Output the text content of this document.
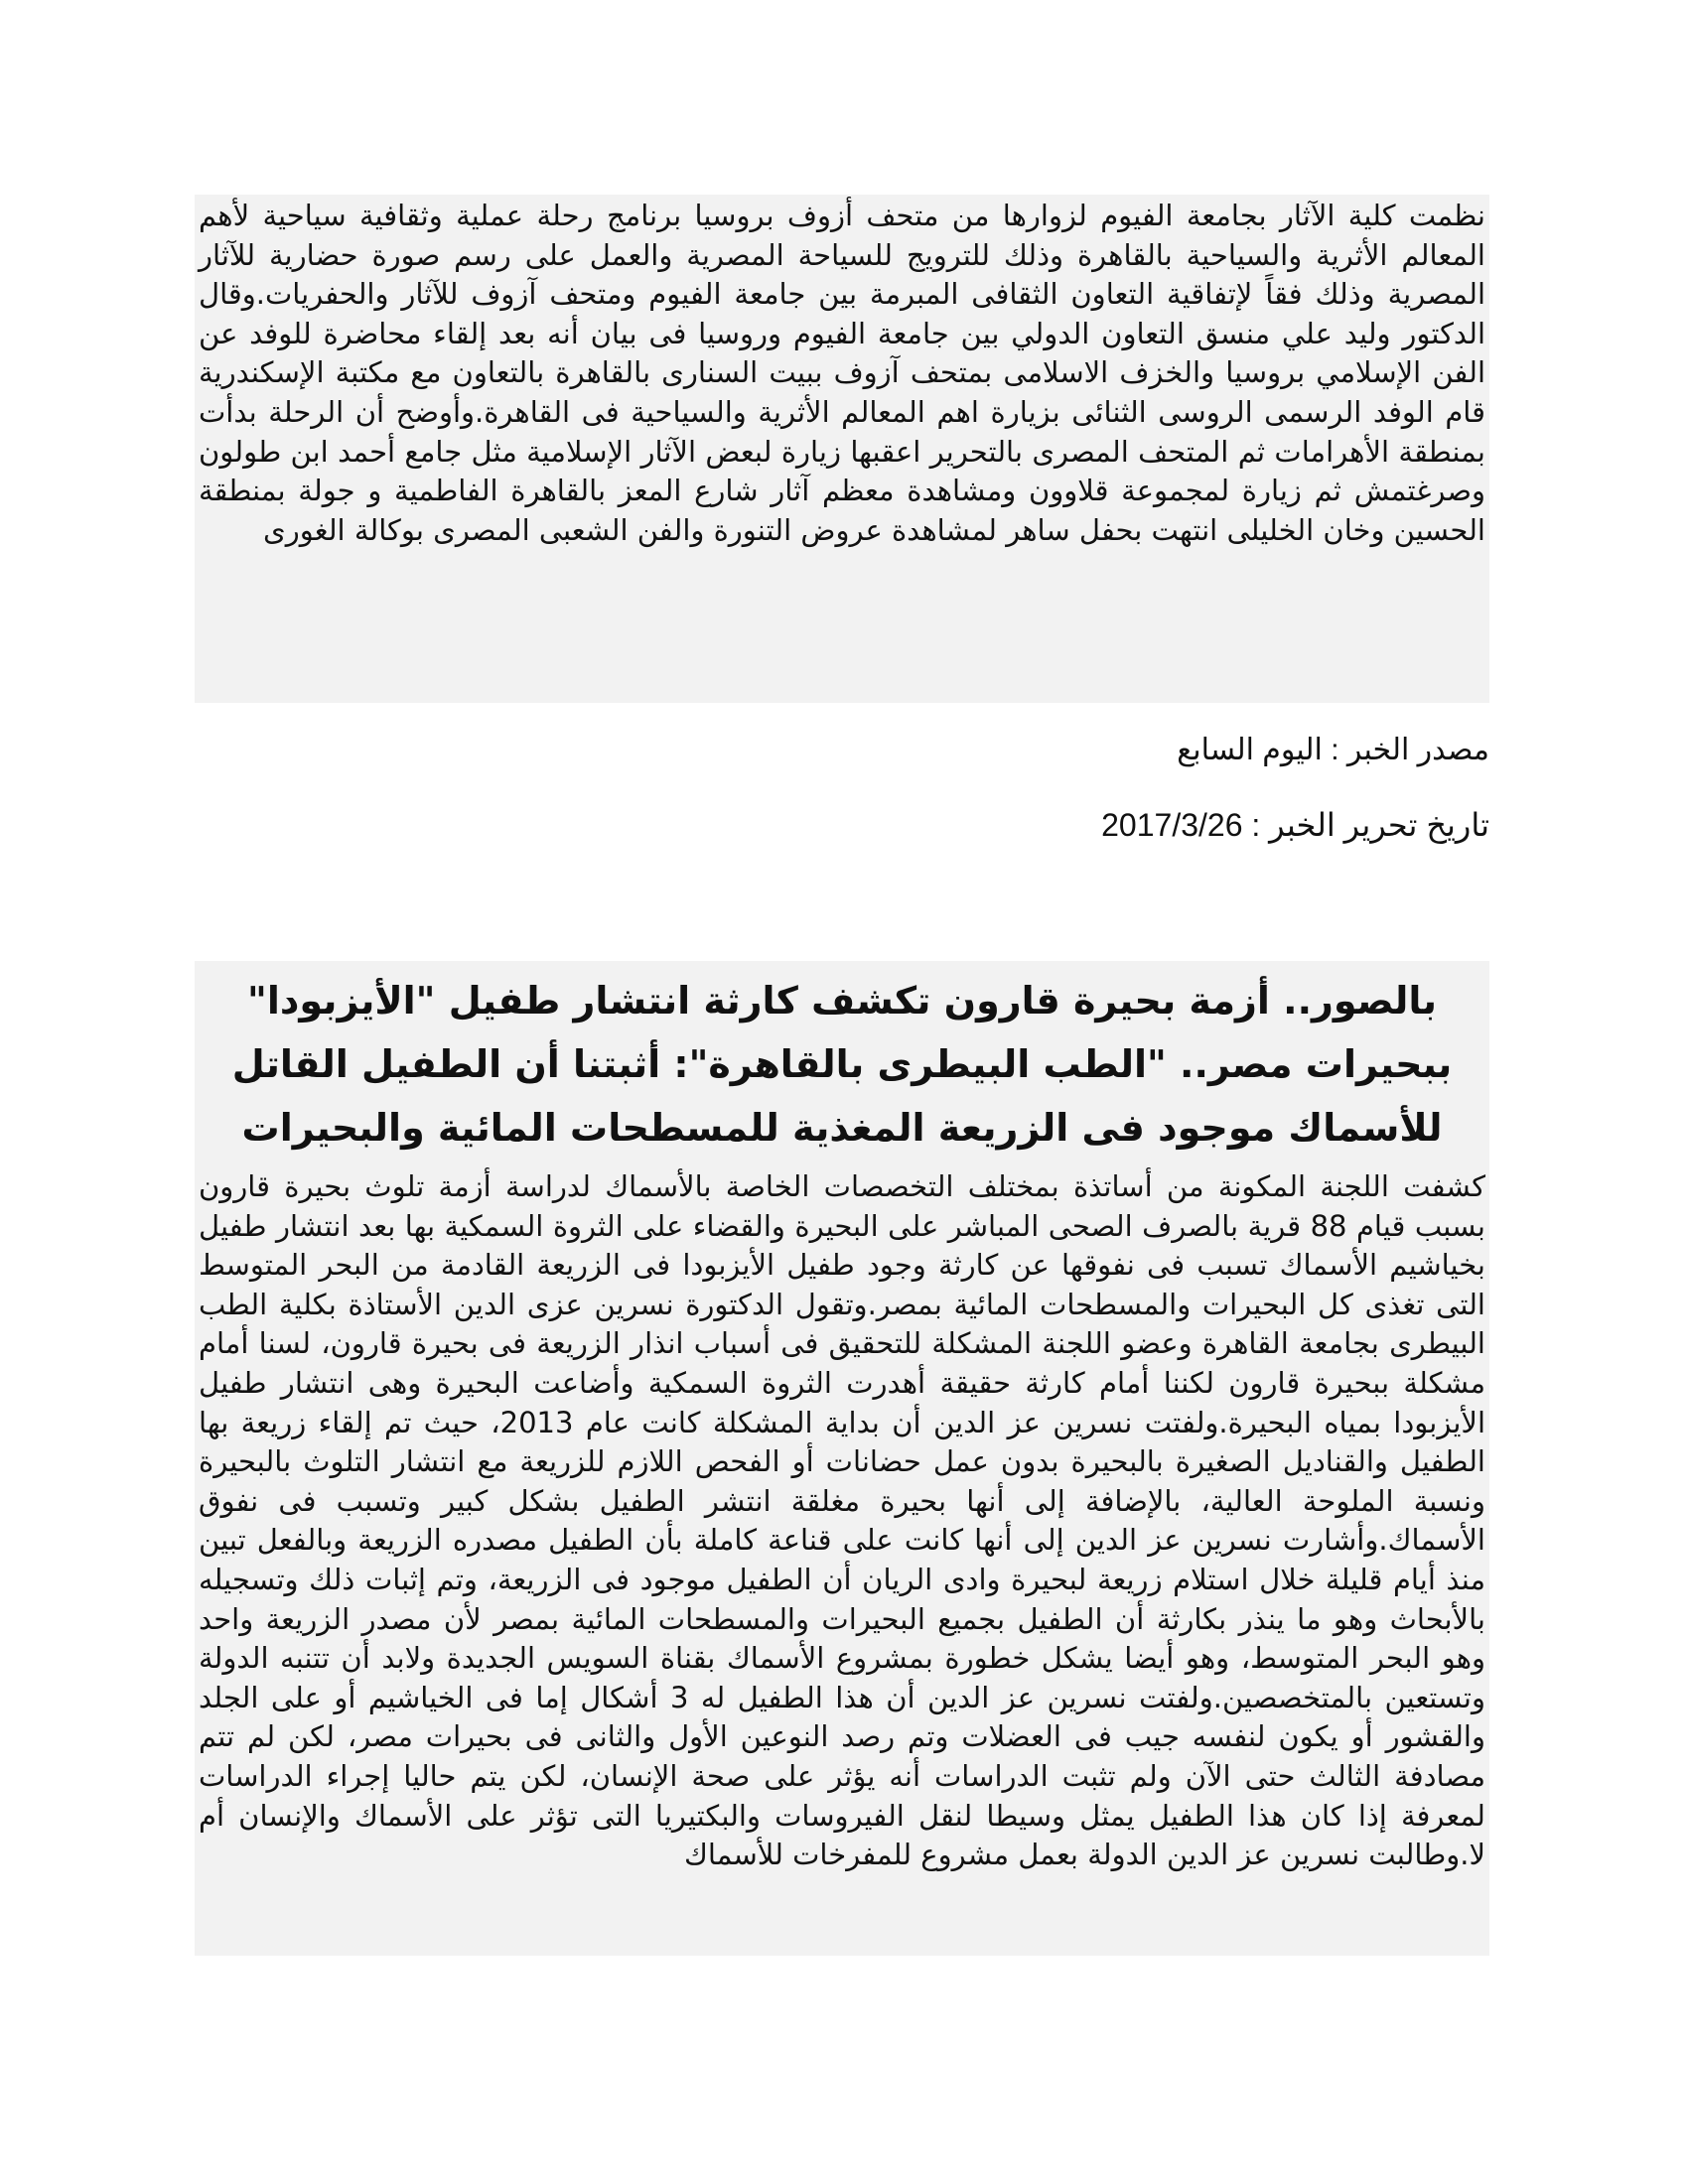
نظمت كلية الآثار بجامعة الفيوم لزوارها من متحف أزوف بروسيا برنامج رحلة عملية وثقافية سياحية لأهم المعالم الأثرية والسياحية بالقاهرة وذلك للترويج للسياحة المصرية والعمل على رسم صورة حضارية للآثار المصرية وذلك فقاً لإتفاقية التعاون الثقافى المبرمة بين جامعة الفيوم ومتحف آزوف للآثار والحفريات.وقال الدكتور وليد علي منسق التعاون الدولي بين جامعة الفيوم وروسيا فى بيان أنه بعد إلقاء محاضرة للوفد عن الفن الإسلامي بروسيا والخزف الاسلامى بمتحف آزوف ببيت السنارى بالقاهرة بالتعاون مع مكتبة الإسكندرية قام الوفد الرسمى الروسى الثنائى بزيارة اهم المعالم الأثرية والسياحية فى القاهرة.وأوضح أن الرحلة بدأت بمنطقة الأهرامات ثم المتحف المصرى بالتحرير اعقبها زيارة لبعض الآثار الإسلامية مثل جامع أحمد ابن طولون وصرغتمش ثم زيارة لمجموعة قلاوون ومشاهدة معظم آثار شارع المعز بالقاهرة الفاطمية و جولة بمنطقة الحسين وخان الخليلى انتهت بحفل ساهر لمشاهدة عروض التنورة والفن الشعبى المصرى بوكالة الغورى

مصدر الخبر : اليوم السابع
تاريخ تحرير الخبر : 2017/3/26
بالصور.. أزمة بحيرة قارون تكشف كارثة انتشار طفيل "الأيزبودا" ببحيرات مصر.. "الطب البيطرى بالقاهرة": أثبتنا أن الطفيل القاتل للأسماك موجود فى الزريعة المغذية للمسطحات المائية والبحيرات

كشفت اللجنة المكونة من أساتذة بمختلف التخصصات الخاصة بالأسماك لدراسة أزمة تلوث بحيرة قارون بسبب قيام 88 قرية بالصرف الصحى المباشر على البحيرة والقضاء على الثروة السمكية بها بعد انتشار طفيل بخياشيم الأسماك تسبب فى نفوقها عن كارثة وجود طفيل الأيزبودا فى الزريعة القادمة من البحر المتوسط التى تغذى كل البحيرات والمسطحات المائية بمصر.وتقول الدكتورة نسرين عزى الدين الأستاذة بكلية الطب البيطرى بجامعة القاهرة وعضو اللجنة المشكلة للتحقيق فى أسباب انذار الزريعة فى بحيرة قارون، لسنا أمام مشكلة ببحيرة قارون لكننا أمام كارثة حقيقة أهدرت الثروة السمكية وأضاعت البحيرة وهى انتشار طفيل الأيزبودا بمياه البحيرة.ولفتت نسرين عز الدين أن بداية المشكلة كانت عام 2013، حيث تم إلقاء زريعة بها الطفيل والقناديل الصغيرة بالبحيرة بدون عمل حضانات أو الفحص اللازم للزريعة مع انتشار التلوث بالبحيرة ونسبة الملوحة العالية، بالإضافة إلى أنها بحيرة مغلقة انتشر الطفيل بشكل كبير وتسبب فى نفوق الأسماك.وأشارت نسرين عز الدين إلى أنها كانت على قناعة كاملة بأن الطفيل مصدره الزريعة وبالفعل تبين منذ أيام قليلة خلال استلام زريعة لبحيرة وادى الريان أن الطفيل موجود فى الزريعة، وتم إثبات ذلك وتسجيله بالأبحاث وهو ما ينذر بكارثة أن الطفيل بجميع البحيرات والمسطحات المائية بمصر لأن مصدر الزريعة واحد وهو البحر المتوسط، وهو أيضا يشكل خطورة بمشروع الأسماك بقناة السويس الجديدة ولابد أن تتنبه الدولة وتستعين بالمتخصصين.ولفتت نسرين عز الدين أن هذا الطفيل له 3 أشكال إما فى الخياشيم أو على الجلد والقشور أو يكون لنفسه جيب فى العضلات وتم رصد النوعين الأول والثانى فى بحيرات مصر، لكن لم تتم مصادفة الثالث حتى الآن ولم تثبت الدراسات أنه يؤثر على صحة الإنسان، لكن يتم حاليا إجراء الدراسات لمعرفة إذا كان هذا الطفيل يمثل وسيطا لنقل الفيروسات والبكتيريا التى تؤثر على الأسماك والإنسان أم لا.وطالبت نسرين عز الدين الدولة بعمل مشروع للمفرخات للأسماك
